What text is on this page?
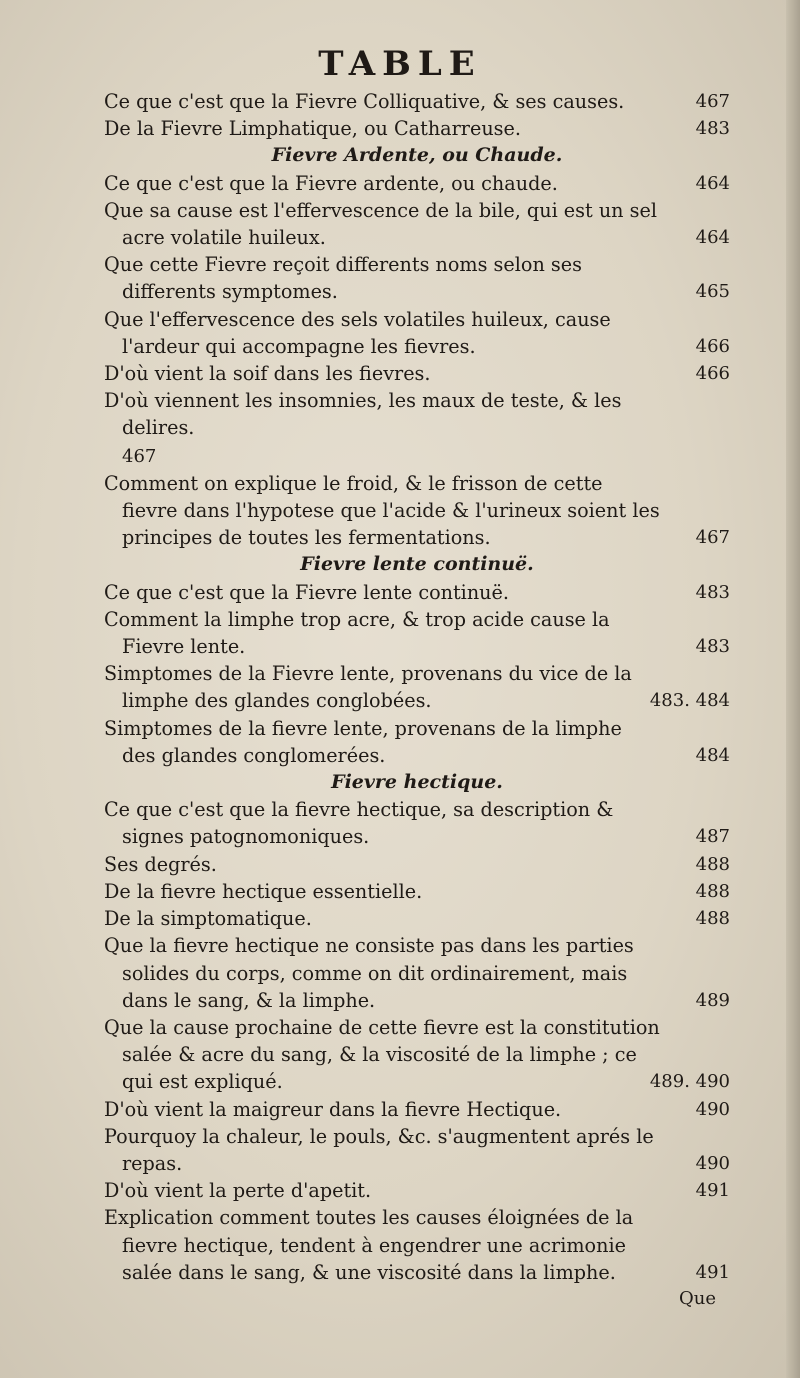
TABLE
Ce que c'est que la Fievre Colliquative, & ses causes.	467
De la Fievre Limphatique, ou Catharreuse.	483
Fievre Ardente, ou Chaude.
Ce que c'est que la Fievre ardente, ou chaude.	464
Que sa cause est l'effervescence de la bile, qui est un sel acre volatile huileux.	464
Que cette Fievre reçoit differents noms selon ses differents symptomes.	465
Que l'effervescence des sels volatiles huileux, cause l'ardeur qui accompagne les fievres.	466
D'où vient la soif dans les fievres.	466
D'où viennent les insomnies, les maux de teste, & les delires.
467
Comment on explique le froid, & le frisson de cette fievre dans l'hypotese que l'acide & l'urineux soient les principes de toutes les fermentations.	467
Fievre lente continuë.
Ce que c'est que la Fievre lente continuë.	483
Comment la limphe trop acre, & trop acide cause la Fievre lente.	483
Simptomes de la Fievre lente, provenans du vice de la limphe des glandes conglobées.	483. 484
Simptomes de la fievre lente, provenans de la limphe des glandes conglomerées.	484
Fievre hectique.
Ce que c'est que la fievre hectique, sa description & signes patognomoniques.	487
Ses degrés.	488
De la fievre hectique essentielle.	488
De la simptomatique.	488
Que la fievre hectique ne consiste pas dans les parties solides du corps, comme on dit ordinairement, mais dans le sang, & la limphe.	489
Que la cause prochaine de cette fievre est la constitution salée & acre du sang, & la viscosité de la limphe ; ce qui est expliqué.	489. 490
D'où vient la maigreur dans la fievre Hectique.	490
Pourquoy la chaleur, le pouls, &c. s'augmentent aprés le repas.	490
D'où vient la perte d'apetit.	491
Explication comment toutes les causes éloignées de la fievre hectique, tendent à engendrer une acrimonie salée dans le sang, & une viscosité dans la limphe.	491
Que
